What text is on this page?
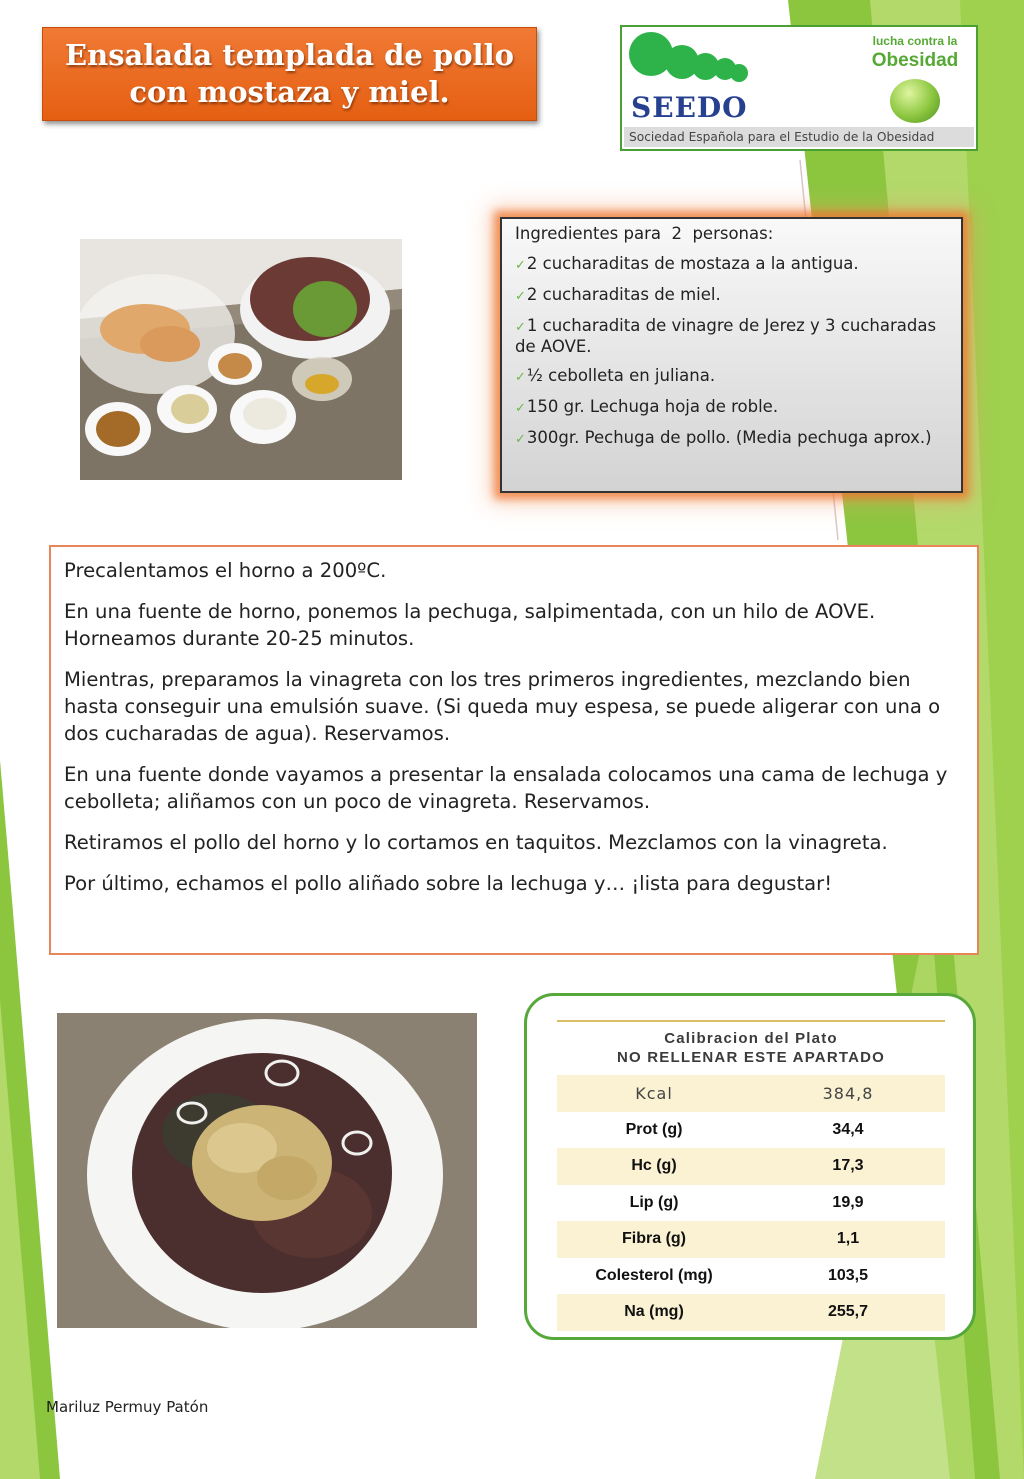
Ensalada templada de pollo
con mostaza y miel.	SEEDO
lucha contra la
Obesidad
Sociedad Española para el Estudio de la Obesidad
Ingredientes para  2  personas:
✓2 cucharaditas de mostaza a la antigua.
✓2 cucharaditas de miel.
✓1 cucharadita de vinagre de Jerez y 3 cucharadas de AOVE.
✓½ cebolleta en juliana.
✓150 gr. Lechuga hoja de roble.
✓300gr. Pechuga de pollo. (Media pechuga aprox.)

Precalentamos el horno a 200ºC.

En una fuente de horno, ponemos la pechuga, salpimentada, con un hilo de AOVE. Horneamos durante 20-25 minutos.

Mientras, preparamos la vinagreta con los tres primeros ingredientes, mezclando bien hasta conseguir una emulsión suave. (Si queda muy espesa, se puede aligerar con una o dos cucharadas de agua). Reservamos.

En una fuente donde vayamos a presentar la ensalada colocamos una cama de lechuga y cebolleta; aliñamos con un poco de vinagreta. Reservamos.

Retiramos el pollo del horno y lo cortamos en taquitos. Mezclamos con la vinagreta.

Por último, echamos el pollo aliñado sobre la lechuga y… ¡lista para degustar!

Calibracion del Plato
NO RELLENAR ESTE APARTADO	

Kcal	384,8
Prot (g)	34,4
Hc (g)	17,3
Lip (g)	19,9
Fibra (g)	1,1
Colesterol (mg)	103,5
Na (mg)	255,7
Mariluz Permuy Patón
